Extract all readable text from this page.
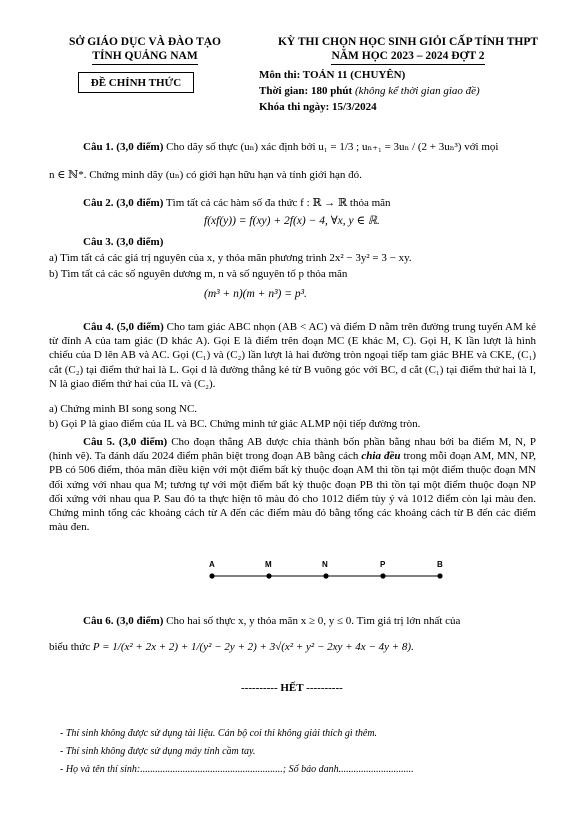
SỞ GIÁO DỤC VÀ ĐÀO TẠO
TỈNH QUẢNG NAM
KỲ THI CHỌN HỌC SINH GIỎI CẤP TỈNH THPT
NĂM HỌC 2023 – 2024 ĐỢT 2
ĐỀ CHÍNH THỨC
Môn thi: TOÁN 11 (CHUYÊN)
Thời gian: 180 phút (không kể thời gian giao đề)
Khóa thi ngày: 15/3/2024
Câu 1. (3,0 điểm) Cho dãy số thực (uₙ) xác định bởi u₁ = 1/3 ; uₙ₊₁ = 3uₙ / (2 + 3uₙ³) với mọi
n ∈ ℕ*. Chứng minh dãy (uₙ) có giới hạn hữu hạn và tính giới hạn đó.
Câu 2. (3,0 điểm) Tìm tất cả các hàm số đa thức f : ℝ → ℝ thỏa mãn
f(xf(y)) = f(xy) + 2f(x) − 4, ∀x, y ∈ ℝ.
Câu 3. (3,0 điểm)
a) Tìm tất cả các giá trị nguyên của x, y thỏa mãn phương trình 2x² − 3y² = 3 − xy.
b) Tìm tất cả các số nguyên dương m, n và số nguyên tố p thỏa mãn
(m³ + n)(m + n³) = p³.
Câu 4. (5,0 điểm) Cho tam giác ABC nhọn (AB < AC) và điểm D nằm trên đường trung tuyến AM kẻ từ đỉnh A của tam giác (D khác A). Gọi E là điểm trên đoạn MC (E khác M, C). Gọi H, K lần lượt là hình chiếu của D lên AB và AC. Gọi (C₁) và (C₂) lần lượt là hai đường tròn ngoại tiếp tam giác BHE và CKE, (C₁) cắt (C₂) tại điểm thứ hai là L. Gọi d là đường thẳng kẻ từ B vuông góc với BC, d cắt (C₁) tại điểm thứ hai là I, N là giao điểm thứ hai của IL và (C₂).
a) Chứng minh BI song song NC.
b) Gọi P là giao điểm của IL và BC. Chứng minh tứ giác ALMP nội tiếp đường tròn.
Câu 5. (3,0 điểm) Cho đoạn thẳng AB được chia thành bốn phần bằng nhau bởi ba điểm M, N, P (hình vẽ). Ta đánh dấu 2024 điểm phân biệt trong đoạn AB bằng cách chia đều trong mỗi đoạn AM, MN, NP, PB có 506 điểm, thỏa mãn điều kiện với một điểm bất kỳ thuộc đoạn AM thì tồn tại một điểm thuộc đoạn MN đối xứng với nhau qua M; tương tự với một điểm bất kỳ thuộc đoạn PB thì tồn tại một điểm thuộc đoạn NP đối xứng với nhau qua P. Sau đó ta thực hiện tô màu đỏ cho 1012 điểm tùy ý và 1012 điểm còn lại màu đen. Chứng minh tổng các khoảng cách từ A đến các điểm màu đỏ bằng tổng các khoảng cách từ B đến các điểm màu đen.
A	M	N	P	B
Câu 6. (3,0 điểm) Cho hai số thực x, y thỏa mãn x ≥ 0, y ≤ 0. Tìm giá trị lớn nhất của
biểu thức P = 1/(x² + 2x + 2) + 1/(y² − 2y + 2) + 3√(x² + y² − 2xy + 4x − 4y + 8).
---------- HẾT ----------
- Thí sinh không được sử dụng tài liệu. Cán bộ coi thi không giải thích gì thêm.
- Thí sinh không được sử dụng máy tính cầm tay.
- Họ và tên thí sinh:.........................................................; Số báo danh..............................
